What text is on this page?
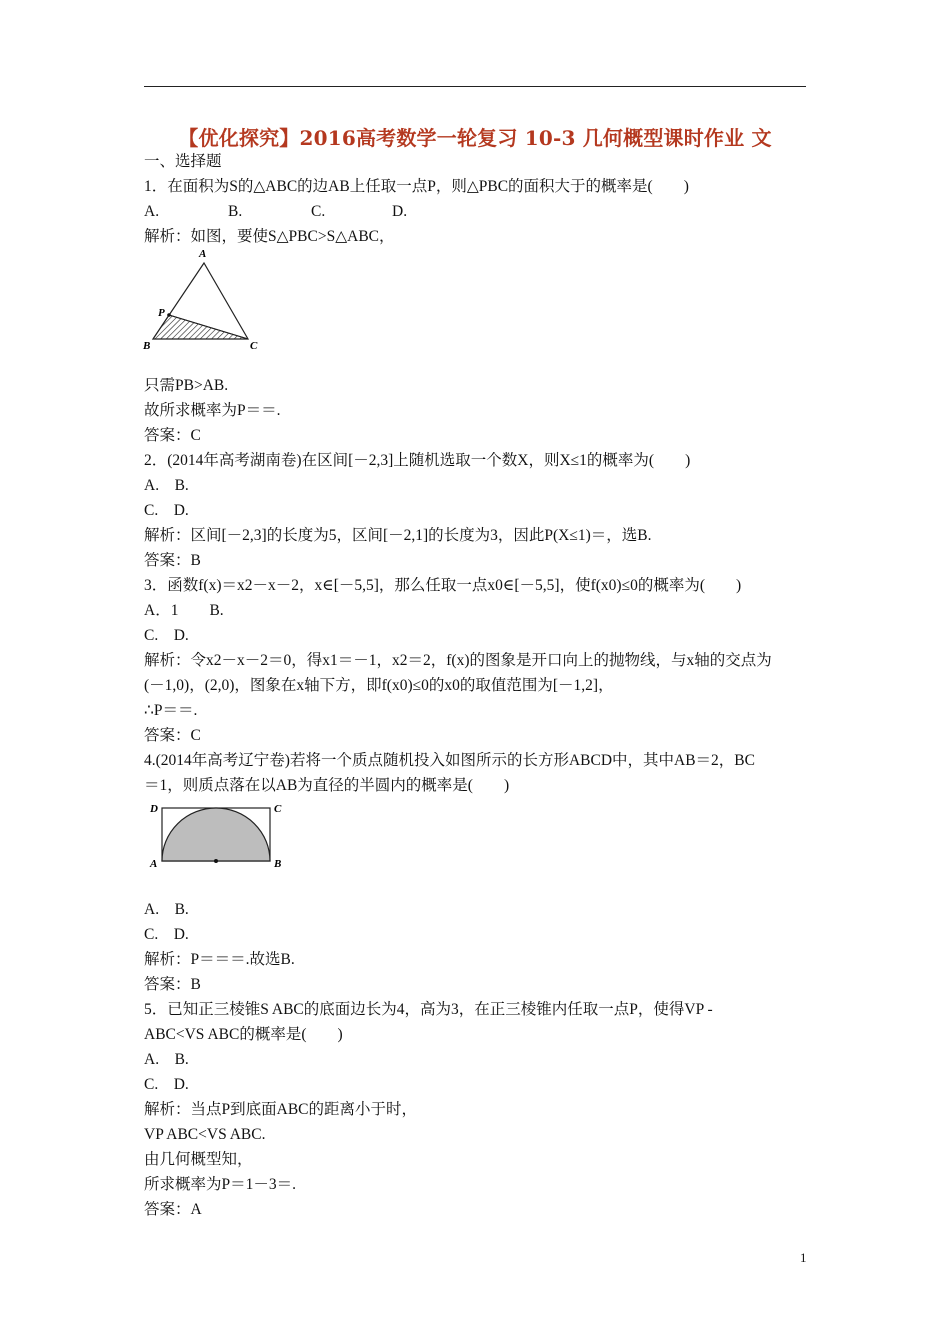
【优化探究】2016高考数学一轮复习 10-3 几何概型课时作业 文
一、选择题
1．在面积为S的△ABC的边AB上任取一点P，则△PBC的面积大于的概率是(　　)
A.	B.	C.	D.
解析：如图，要使S△PBC>S△ABC，
A
P
B	C
只需PB>AB.
故所求概率为P＝＝.
答案：C
2．(2014年高考湖南卷)在区间[－2,3]上随机选取一个数X，则X≤1的概率为(　　)
A.　B.
C.　D.
解析：区间[－2,3]的长度为5，区间[－2,1]的长度为3，因此P(X≤1)＝，选B.
答案：B
3．函数f(x)＝x2－x－2，x∈[－5,5]，那么任取一点x0∈[－5,5]，使f(x0)≤0的概率为(　　)
A．1　　B.
C.　D.
解析：令x2－x－2＝0，得x1＝－1，x2＝2，f(x)的图象是开口向上的抛物线，与x轴的交点为
(－1,0)，(2,0)，图象在x轴下方，即f(x0)≤0的x0的取值范围为[－1,2]，
∴P＝＝.
答案：C
4.(2014年高考辽宁卷)若将一个质点随机投入如图所示的长方形ABCD中，其中AB＝2，BC
＝1，则质点落在以AB为直径的半圆内的概率是(　　)
D	C
A	B
A.　B.
C.　D.
解析：P＝＝＝.故选B.
答案：B
5．已知正三棱锥S ABC的底面边长为4，高为3，在正三棱锥内任取一点P，使得VP -
ABC<VS ABC的概率是(　　)
A.　B.
C.　D.
解析：当点P到底面ABC的距离小于时，
VP ABC<VS ABC.
由几何概型知，
所求概率为P＝1－3＝.
答案：A
1
